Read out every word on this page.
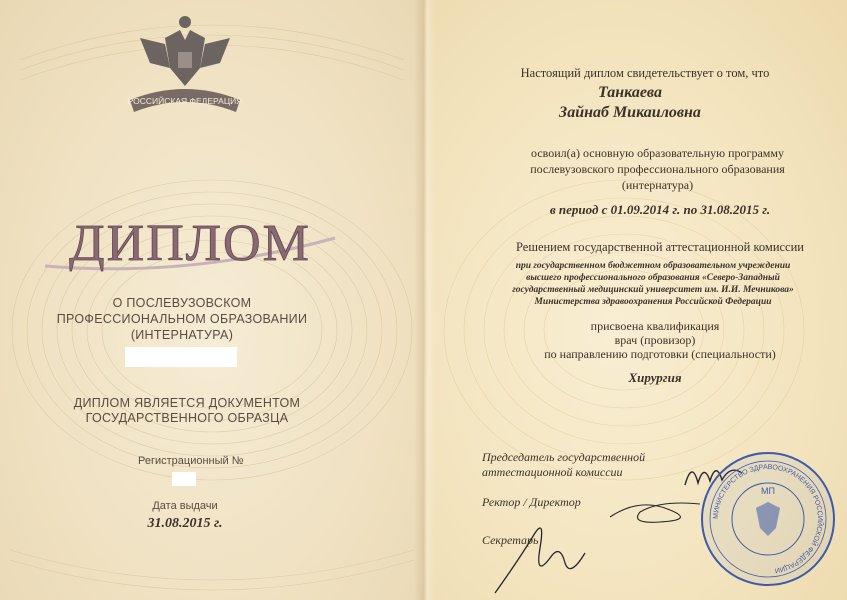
РОССИЙСКАЯ ФЕДЕРАЦИЯ
ДИПЛОМ
О ПОСЛЕВУЗОВСКОМ
ПРОФЕССИОНАЛЬНОМ ОБРАЗОВАНИИ
(ИНТЕРНАТУРА)
ДИПЛОМ ЯВЛЯЕТСЯ ДОКУМЕНТОМ
ГОСУДАРСТВЕННОГО ОБРАЗЦА
Регистрационный №
Дата выдачи
31.08.2015 г.
Настоящий диплом свидетельствует о том, что
Танкаева
Зайнаб Микаиловна
освоил(а) основную образовательную программу
послевузовского профессионального образования
(интернатура)
в период с 01.09.2014 г. по 31.08.2015 г.
Решением государственной аттестационной комиссии
при государственном бюджетном образовательном учреждении
высшего профессионального образования «Северо-Западный
государственный медицинский университет им. И.И. Мечникова»
Министерства здравоохранения Российской Федерации
присвоена квалификация
врач (провизор)
по направлению подготовки (специальности)
Хирургия
Председатель государственной
аттестационной комиссии
Ректор / Директор
Секретарь
МИНИСТЕРСТВО ЗДРАВООХРАНЕНИЯ РОССИЙСКОЙ ФЕДЕРАЦИИ
МП
